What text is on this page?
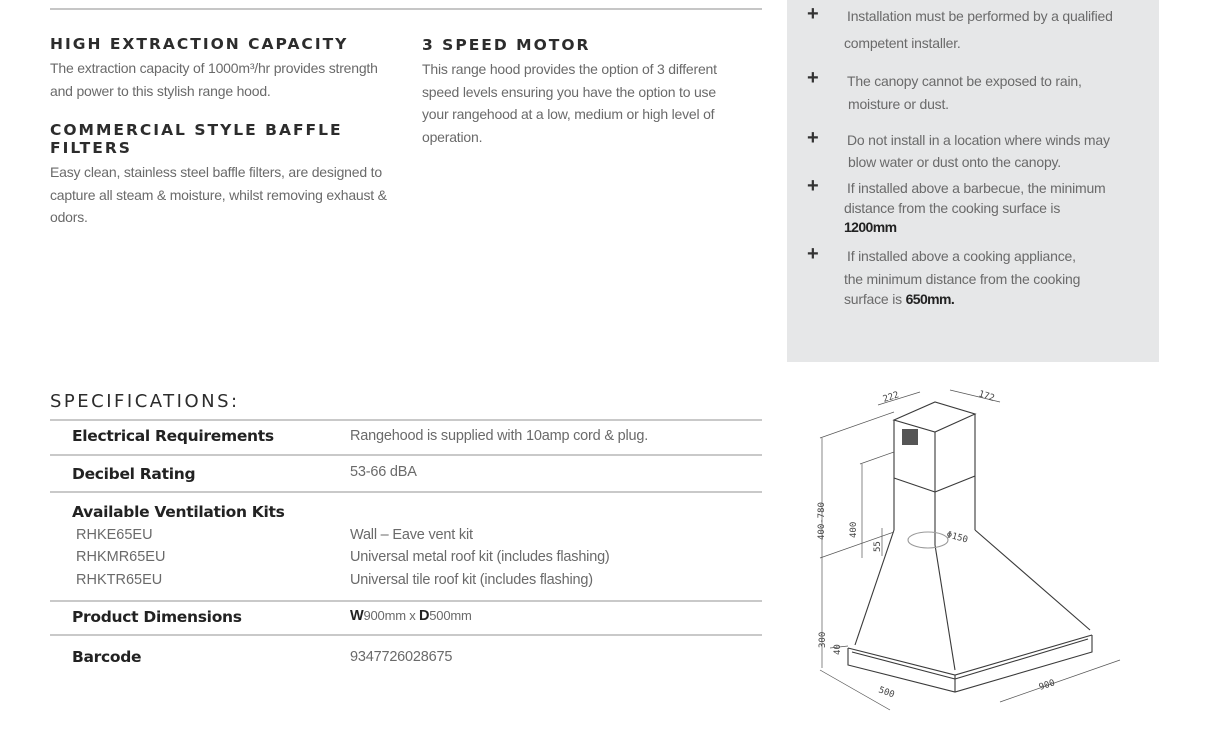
HIGH EXTRACTION CAPACITY

The extraction capacity of 1000m³/hr provides strength and power to this stylish range hood.

COMMERCIAL STYLE BAFFLE FILTERS

Easy clean, stainless steel baffle filters, are designed to capture all steam & moisture, whilst removing exhaust & odors.

3 SPEED MOTOR

This range hood provides the option of 3 different speed levels ensuring you have the option to use your rangehood at a low, medium or high level of operation.

+ Installation must be performed by a qualified
competent installer.
+ The canopy cannot be exposed to rain,
moisture or dust.
+ Do not install in a location where winds may
blow water or dust onto the canopy.
+ If installed above a barbecue, the minimum
distance from the cooking surface is
1200mm
+ If installed above a cooking appliance,
the minimum distance from the cooking
surface is 650mm.
SPECIFICATIONS:
Electrical Requirements	Rangehood is supplied with 10amp cord & plug.
Decibel Rating	53-66 dBA
Available Ventilation Kits
RHKE65EU	Wall – Eave vent kit
RHKMR65EU	Universal metal roof kit (includes flashing)
RHKTR65EU	Universal tile roof kit (includes flashing)
Product Dimensions	W900mm x D500mm
Barcode	9347726028675
222	172
400-780 400	Φ150
55
300
40
500	900
